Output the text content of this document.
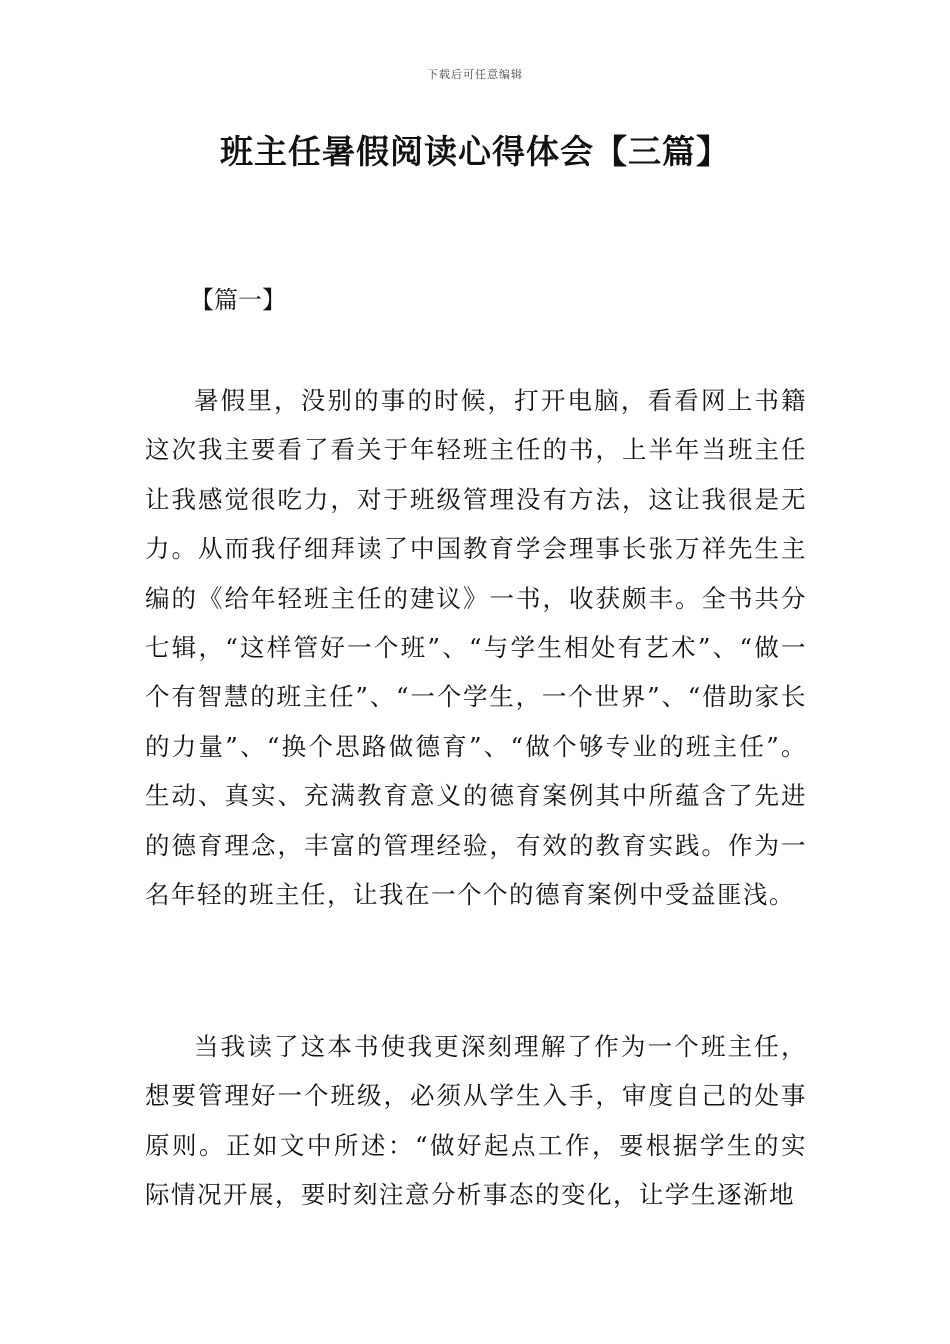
下载后可任意编辑
班主任暑假阅读心得体会【三篇】

【篇一】

暑假里，没别的事的时候，打开电脑，看看网上书籍这次我主要看了看关于年轻班主任的书，上半年当班主任让我感觉很吃力，对于班级管理没有方法，这让我很是无力。从而我仔细拜读了中国教育学会理事长张万祥先生主编的《给年轻班主任的建议》一书，收获颇丰。全书共分七辑，“这样管好一个班”、“与学生相处有艺术”、“做一个有智慧的班主任”、“一个学生，一个世界”、“借助家长的力量”、“换个思路做德育”、“做个够专业的班主任”。生动、真实、充满教育意义的德育案例其中所蕴含了先进的德育理念，丰富的管理经验，有效的教育实践。作为一名年轻的班主任，让我在一个个的德育案例中受益匪浅。

当我读了这本书使我更深刻理解了作为一个班主任，想要管理好一个班级，必须从学生入手，审度自己的处事原则。正如文中所述：“做好起点工作，要根据学生的实际情况开展，要时刻注意分析事态的变化，让学生逐渐地
